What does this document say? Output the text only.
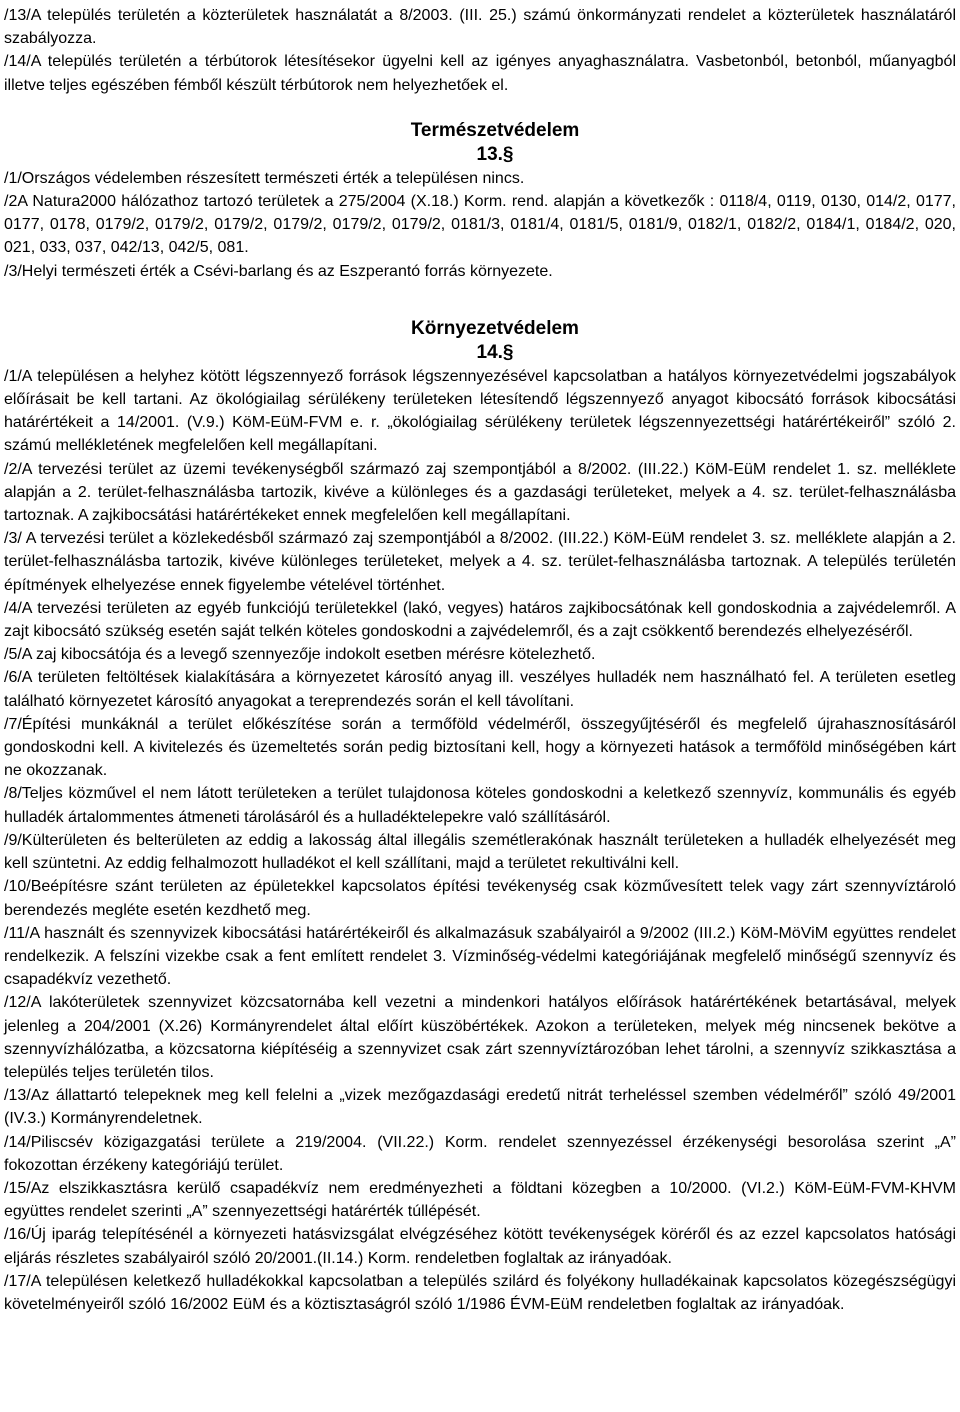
/13/A település területén a közterületek használatát a 8/2003. (III. 25.) számú önkormányzati rendelet a közterületek használatáról szabályozza.

/14/A település területén a térbútorok létesítésekor ügyelni kell az igényes anyaghasználatra. Vasbetonból, betonból, műanyagból illetve teljes egészében fémből készült térbútorok nem helyezhetőek el.

Természetvédelem
13.§

/1/Országos védelemben részesített természeti érték a településen nincs.

/2A Natura2000 hálózathoz tartozó területek a 275/2004 (X.18.) Korm. rend. alapján a következők : 0118/4, 0119, 0130, 014/2, 0177, 0177, 0178, 0179/2, 0179/2, 0179/2, 0179/2, 0179/2, 0179/2, 0181/3, 0181/4, 0181/5, 0181/9, 0182/1, 0182/2, 0184/1, 0184/2, 020, 021, 033, 037, 042/13, 042/5, 081.

/3/Helyi természeti érték a Csévi-barlang és az Eszperantó forrás környezete.

Környezetvédelem
14.§

/1/A településen a helyhez kötött légszennyező források légszennyezésével kapcsolatban a hatályos környezetvédelmi jogszabályok előírásait be kell tartani. Az ökológiailag sérülékeny területeken létesítendő légszennyező anyagot kibocsátó források kibocsátási határértékeit a 14/2001. (V.9.) KöM-EüM-FVM e. r. „ökológiailag sérülékeny területek légszennyezettségi határértékeiről” szóló 2. számú mellékletének megfelelően kell megállapítani.

/2/A tervezési terület az üzemi tevékenységből származó zaj szempontjából a 8/2002. (III.22.) KöM-EüM rendelet 1. sz. melléklete alapján a 2. terület-felhasználásba tartozik, kivéve a különleges és a gazdasági területeket, melyek a 4. sz. terület-felhasználásba tartoznak. A zajkibocsátási határértékeket ennek megfelelően kell megállapítani.

/3/ A tervezési terület a közlekedésből származó zaj szempontjából a 8/2002. (III.22.) KöM-EüM rendelet 3. sz. melléklete alapján a 2. terület-felhasználásba tartozik, kivéve különleges területeket, melyek a 4. sz. terület-felhasználásba tartoznak. A település területén építmények elhelyezése ennek figyelembe vételével történhet.

/4/A tervezési területen az egyéb funkciójú területekkel (lakó, vegyes) határos zajkibocsátónak kell gondoskodnia a zajvédelemről. A zajt kibocsátó szükség esetén saját telkén köteles gondoskodni a zajvédelemről, és a zajt csökkentő berendezés elhelyezéséről.

/5/A zaj kibocsátója és a levegő szennyezője indokolt esetben mérésre kötelezhető.

/6/A területen feltöltések kialakítására a környezetet károsító anyag ill. veszélyes hulladék nem használható fel. A területen esetleg található környezetet károsító anyagokat a tereprendezés során el kell távolítani.

/7/Építési munkáknál a terület előkészítése során a termőföld védelméről, összegyűjtéséről és megfelelő újrahasznosításáról gondoskodni kell. A kivitelezés és üzemeltetés során pedig biztosítani kell, hogy a környezeti hatások a termőföld minőségében kárt ne okozzanak.

/8/Teljes közművel el nem látott területeken a terület tulajdonosa köteles gondoskodni a keletkező szennyvíz, kommunális és egyéb hulladék ártalommentes átmeneti tárolásáról és a hulladéktelepekre való szállításáról.

/9/Külterületen és belterületen az eddig a lakosság által illegális szemétlerakónak használt területeken a hulladék elhelyezését meg kell szüntetni. Az eddig felhalmozott hulladékot el kell szállítani, majd a területet rekultiválni kell.

/10/Beépítésre szánt területen az épületekkel kapcsolatos építési tevékenység csak közművesített telek vagy zárt szennyvíztároló berendezés megléte esetén kezdhető meg.

/11/A használt és szennyvizek kibocsátási határértékeiről és alkalmazásuk szabályairól a 9/2002 (III.2.) KöM-MöViM együttes rendelet rendelkezik. A felszíni vizekbe csak a fent említett rendelet 3. Vízminőség-védelmi kategóriájának megfelelő minőségű szennyvíz és csapadékvíz vezethető.

/12/A lakóterületek szennyvizet közcsatornába kell vezetni a mindenkori hatályos előírások határértékének betartásával, melyek jelenleg a 204/2001 (X.26) Kormányrendelet által előírt küszöbértékek. Azokon a területeken, melyek még nincsenek bekötve a szennyvízhálózatba, a közcsatorna kiépítéséig a szennyvizet csak zárt szennyvíztározóban lehet tárolni, a szennyvíz szikkasztása a település teljes területén tilos.

/13/Az állattartó telepeknek meg kell felelni a „vizek mezőgazdasági eredetű nitrát terheléssel szemben védelméről” szóló 49/2001 (IV.3.) Kormányrendeletnek.

/14/Piliscsév közigazgatási területe a 219/2004. (VII.22.) Korm. rendelet szennyezéssel érzékenységi besorolása szerint „A” fokozottan érzékeny kategóriájú terület.

/15/Az elszikkasztásra kerülő csapadékvíz nem eredményezheti a földtani közegben a 10/2000. (VI.2.) KöM-EüM-FVM-KHVM együttes rendelet szerinti „A” szennyezettségi határérték túllépését.

/16/Új iparág telepítésénél a környezeti hatásvizsgálat elvégzéséhez kötött tevékenységek köréről és az ezzel kapcsolatos hatósági eljárás részletes szabályairól szóló 20/2001.(II.14.) Korm. rendeletben foglaltak az irányadóak.

/17/A településen keletkező hulladékokkal kapcsolatban a település szilárd és folyékony hulladékainak kapcsolatos közegészségügyi követelményeiről szóló 16/2002 EüM és a köztisztaságról szóló 1/1986 ÉVM-EüM rendeletben foglaltak az irányadóak.
